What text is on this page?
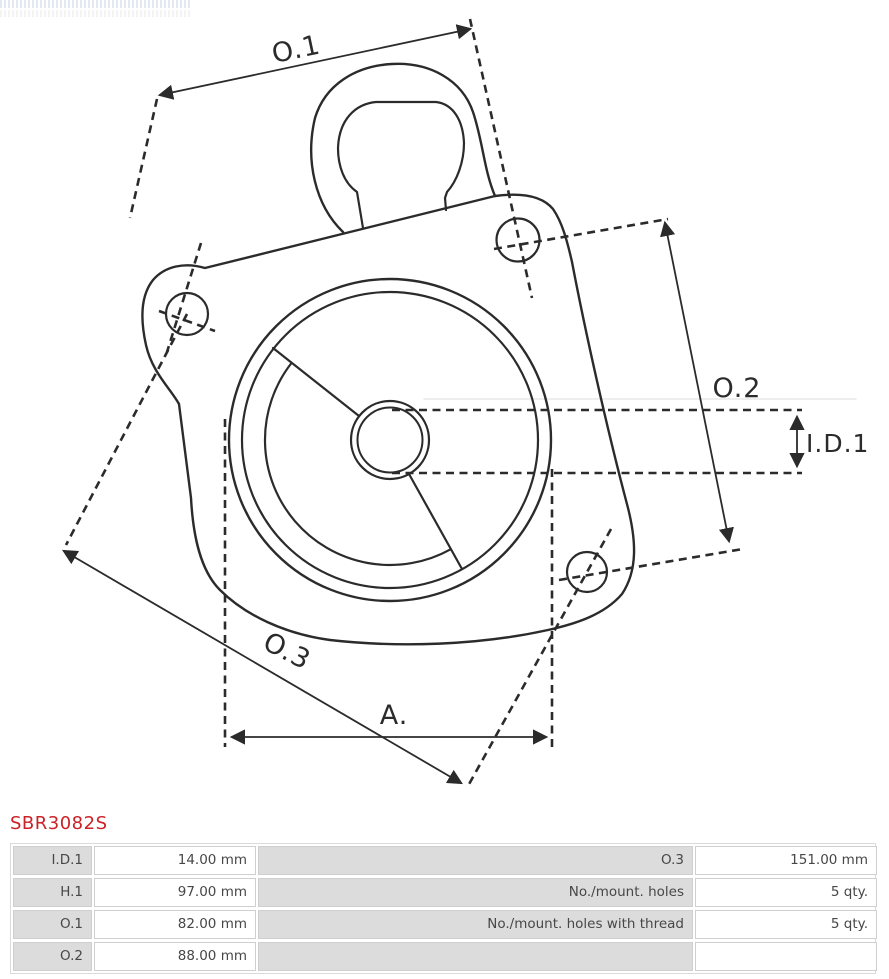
O.1
O.2
O.3
A.
I.D.1
SBR3082S
I.D.1	14.00 mm	O.3	151.00 mm
H.1	97.00 mm	No./mount. holes	5 qty.
O.1	82.00 mm	No./mount. holes with thread	5 qty.
O.2	88.00 mm
